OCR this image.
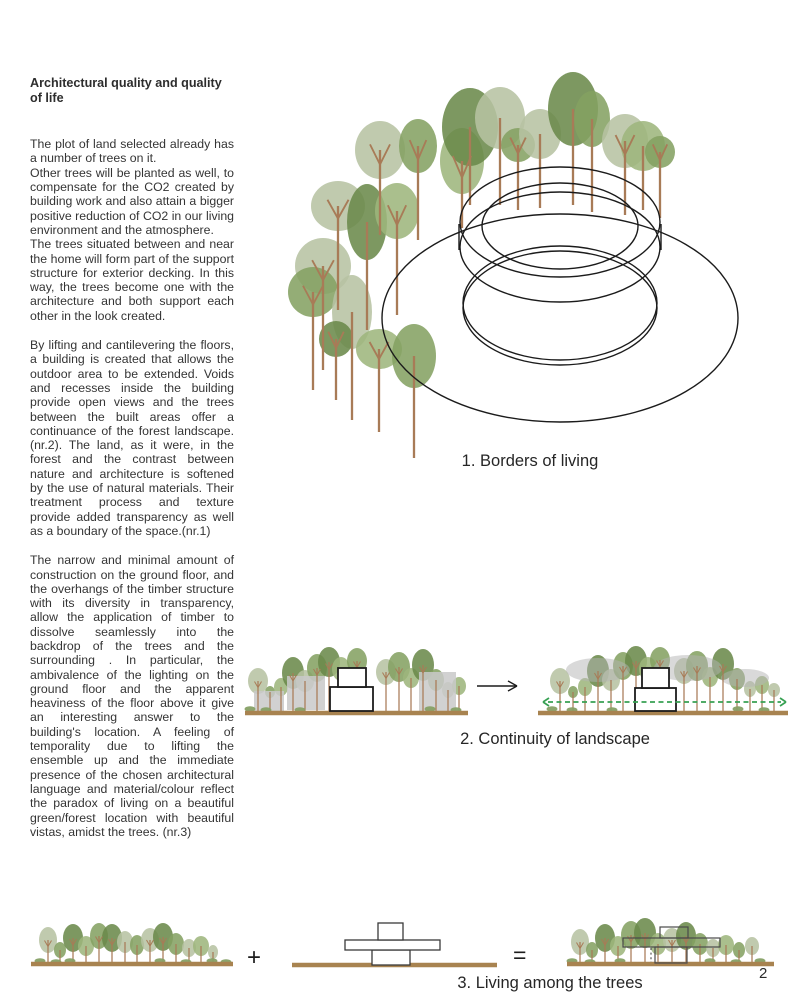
Architectural quality and quality
of life

The plot of land selected already has a number of trees on it.

Other trees will be planted as well, to compensate for the CO2 created by building work and also attain a bigger positive reduction of CO2 in our living environment and the atmosphere.

The trees situated between and near the home will form part of the support structure for exterior decking. In this way, the trees become one with the architecture and both support each other in the look created.

By lifting and cantilevering the floors, a building is created that allows the outdoor area to be extended. Voids and recesses inside the building provide open views and the trees between the built areas offer a continuance of the forest landscape. (nr.2). The land, as it were, in the forest and the contrast between nature and architecture is softened by the use of natural materials. Their treatment process and texture provide added transparency as well as a boundary of the space.(nr.1)

The narrow and minimal amount of construction on the ground floor, and the overhangs of the timber structure with its diversity in transparency, allow the application of timber to dissolve seamlessly into the backdrop of the trees and the surrounding . In particular, the ambivalence of the lighting on the ground floor and the apparent heaviness of the floor above it give an interesting answer to the building's location. A feeling of temporality due to lifting the ensemble up and the immediate presence of the chosen architectural language and material/colour reflect the paradox of living on a beautiful green/forest location with beautiful vistas, amidst the trees. (nr.3)

1. Borders of living
2. Continuity of landscape
+	=
3. Living among the trees
2
